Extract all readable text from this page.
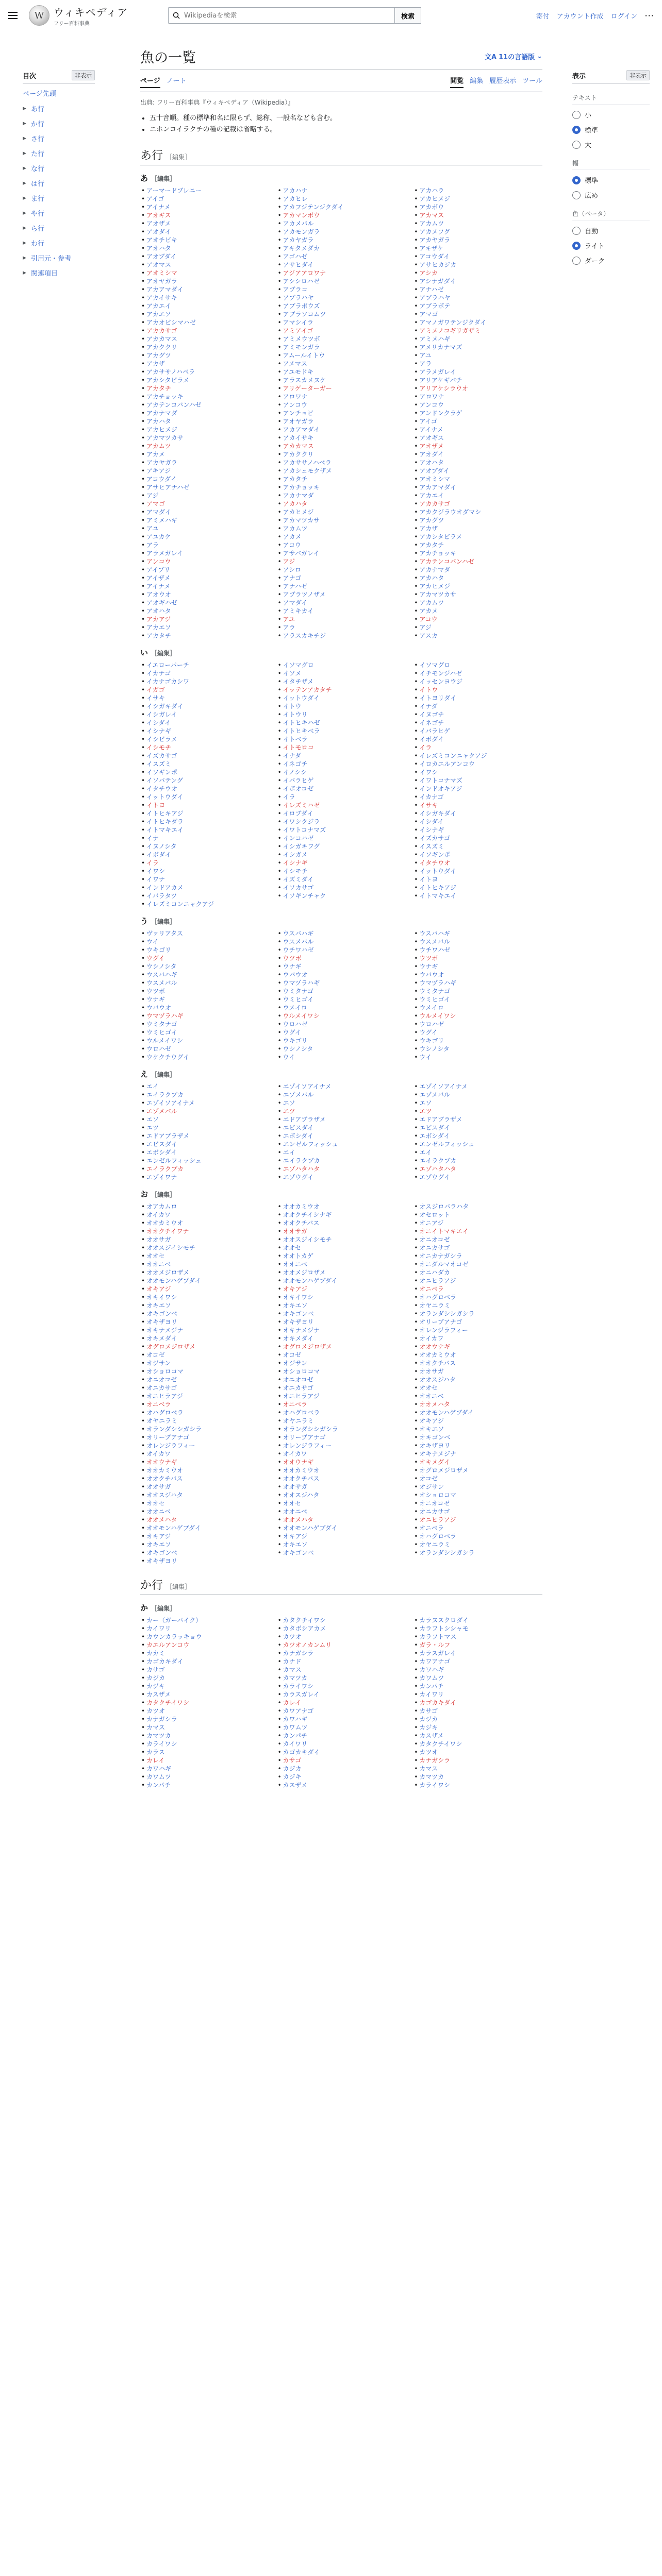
W ウィキペディア
フリー百科事典
Wikipediaを検索
検索	寄付 アカウント作成 ログイン ⋯
目次	非表示
ページ先頭
▶ あ行
▶ か行
▶ さ行
▶ た行
▶ な行
▶ は行
▶ ま行
▶ や行
▶ ら行
▶ わ行
▶ 引用元・参考
▶ 関連項目
魚の一覧	文A 11の言語版 ⌄
ページ ノート	閲覧 編集 履歴表示 ツール
出典: フリー百科事典『ウィキペディア（Wikipedia）』
• 五十音順。種の標準和名に限らず、総称、一般名なども含む。
• ニホンコイラクチの種の記載は省略する。
あ行 ［編集］
あ ［編集］
• アーマードブレニー
• アイゴ
• アイナメ
• アオギス
• アオザメ
• アオダイ
• アオチビキ
• アオハタ
• アオブダイ
• アオマス
• アオミシマ
• アオヤガラ
• アカアマダイ
• アカイサキ
• アカエイ
• アカエソ
• アカオビシマハゼ
• アカカサゴ
• アカカマス
• アカククリ
• アカグツ
• アカザ
• アカササノハベラ
• アカシタビラメ
• アカタチ
• アカチョッキ
• アカテンコバンハゼ
• アカナマダ
• アカハタ
• アカヒメジ
• アカマツカサ
• アカムツ
• アカメ
• アカヤガラ
• アキアジ
• アコウダイ
• アサヒアナハゼ
• アジ
• アマゴ
• アマダイ
• アミメハギ
• アユ
• アユカケ
• アラ
• アラメガレイ
• アンコウ
• アイブリ
• アイザメ
• アイナメ
• アオウオ
• アオギハゼ
• アオハタ
• アカアジ
• アカエソ
• アカタチ
• アカハナ
• アカヒレ
• アカフジテンジクダイ
• アカマンボウ
• アカメバル
• アカモンガラ
• アカヤガラ
• アキタメダカ
• アゴハゼ
• アサヒダイ
• アジアアロワナ
• アシシロハゼ
• アブラコ
• アブラハヤ
• アブラボウズ
• アブラソコムツ
• アマシイラ
• アミアイゴ
• アミメウツボ
• アミモンガラ
• アムールイトウ
• アメマス
• アユモドキ
• アラスカメヌケ
• アリゲーターガー
• アロワナ
• アンコウ
• アンチョビ
• アオヤガラ
• アカアマダイ
• アカイサキ
• アカカマス
• アカククリ
• アカササノハベラ
• アカシュモクザメ
• アカタチ
• アカチョッキ
• アカナマダ
• アカハタ
• アカヒメジ
• アカマツカサ
• アカムツ
• アカメ
• アコウ
• アサバガレイ
• アジ
• アシロ
• アナゴ
• アナハゼ
• アブラツノザメ
• アマダイ
• アミキカイ
• アユ
• アラ
• アラスカキチジ
• アカハラ
• アカヒメジ
• アカボウ
• アカマス
• アカムツ
• アカメフグ
• アカヤガラ
• アキザケ
• アコウダイ
• アサヒカジカ
• アシカ
• アシナガダイ
• アナハゼ
• アブラハヤ
• アブラボテ
• アマゴ
• アマノガワテンジクダイ
• アミメノコギリガザミ
• アミメハギ
• アメリカナマズ
• アユ
• アラ
• アラメガレイ
• アリアケギバチ
• アリアケシラウオ
• アロワナ
• アンコウ
• アンドンクラゲ
• アイゴ
• アイナメ
• アオギス
• アオザメ
• アオダイ
• アオハタ
• アオブダイ
• アオミシマ
• アカアマダイ
• アカエイ
• アカカサゴ
• アカクジラウオダマシ
• アカグツ
• アカザ
• アカシタビラメ
• アカタチ
• アカチョッキ
• アカテンコバンハゼ
• アカナマダ
• アカハタ
• アカヒメジ
• アカマツカサ
• アカムツ
• アカメ
• アコウ
• アジ
• アスカ
い ［編集］
• イエローパーチ
• イカナゴ
• イカナゴカシワ
• イガゴ
• イサキ
• イシガキダイ
• イシガレイ
• イシダイ
• イシナギ
• イシビラメ
• イシモチ
• イズカサゴ
• イスズミ
• イソギンポ
• イソバテング
• イタチウオ
• イットウダイ
• イトヨ
• イトヒキアジ
• イトヒキダラ
• イトマキエイ
• イナ
• イヌノシタ
• イボダイ
• イラ
• イワシ
• イワナ
• インドアカメ
• イバラタツ
• イレズミコンニャクアジ
• イソマグロ
• イソメ
• イタチザメ
• イッテンアカタチ
• イットウダイ
• イトウ
• イトウリ
• イトヒキハゼ
• イトヒキベラ
• イトベラ
• イトモロコ
• イナダ
• イネゴチ
• イノシシ
• イバラヒゲ
• イボオコゼ
• イラ
• イレズミハゼ
• イロブダイ
• イワシクジラ
• イワトコナマズ
• インコハゼ
• イシガキフグ
• イシガメ
• イシナギ
• イシモチ
• イズミダイ
• イソカサゴ
• イソギンチャク
• イソマグロ
• イチモンジハゼ
• イッセンヨウジ
• イトウ
• イトヨリダイ
• イナダ
• イヌゴチ
• イネゴチ
• イバラヒゲ
• イボダイ
• イラ
• イレズミコンニャクアジ
• イロカエルアンコウ
• イワシ
• イワトコナマズ
• インドオキアジ
• イカナゴ
• イサキ
• イシガキダイ
• イシダイ
• イシナギ
• イズカサゴ
• イスズミ
• イソギンポ
• イタチウオ
• イットウダイ
• イトヨ
• イトヒキアジ
• イトマキエイ
う ［編集］
• ヴァリアタス
• ウイ
• ウキゴリ
• ウグイ
• ウシノシタ
• ウスバハギ
• ウスメバル
• ウツボ
• ウナギ
• ウバウオ
• ウマヅラハギ
• ウミタナゴ
• ウミヒゴイ
• ウルメイワシ
• ウロハゼ
• ウケクチウグイ
• ウスバハギ
• ウスメバル
• ウチワハゼ
• ウツボ
• ウナギ
• ウバウオ
• ウマヅラハギ
• ウミタナゴ
• ウミヒゴイ
• ウメイロ
• ウルメイワシ
• ウロハゼ
• ウグイ
• ウキゴリ
• ウシノシタ
• ウイ
• ウスバハギ
• ウスメバル
• ウチワハゼ
• ウツボ
• ウナギ
• ウバウオ
• ウマヅラハギ
• ウミタナゴ
• ウミヒゴイ
• ウメイロ
• ウルメイワシ
• ウロハゼ
• ウグイ
• ウキゴリ
• ウシノシタ
• ウイ
え ［編集］
• エイ
• エイラクブカ
• エゾイソアイナメ
• エゾメバル
• エソ
• エツ
• エドアブラザメ
• エビスダイ
• エボシダイ
• エンゼルフィッシュ
• エイラクブカ
• エゾイワナ
• エゾイソアイナメ
• エゾメバル
• エソ
• エツ
• エドアブラザメ
• エビスダイ
• エボシダイ
• エンゼルフィッシュ
• エイ
• エイラクブカ
• エゾハタハタ
• エゾウグイ
• エゾイソアイナメ
• エゾメバル
• エソ
• エツ
• エドアブラザメ
• エビスダイ
• エボシダイ
• エンゼルフィッシュ
• エイ
• エイラクブカ
• エゾハタハタ
• エゾウグイ
お ［編集］
• オアカムロ
• オイカワ
• オオカミウオ
• オオクチイワナ
• オオサガ
• オオスジイシモチ
• オオセ
• オオニベ
• オオメジロザメ
• オオモンハゲブダイ
• オキアジ
• オキイワシ
• オキエソ
• オキゴンベ
• オキザヨリ
• オキナメジナ
• オキメダイ
• オグロメジロザメ
• オコゼ
• オジサン
• オショロコマ
• オニオコゼ
• オニカサゴ
• オニヒラアジ
• オニベラ
• オハグロベラ
• オヤニラミ
• オランダシシガシラ
• オリーブアナゴ
• オレンジラフィー
• オイカワ
• オオウナギ
• オオカミウオ
• オオクチバス
• オオサガ
• オオスジハタ
• オオセ
• オオニベ
• オオメハタ
• オオモンハゲブダイ
• オキアジ
• オキエソ
• オキゴンベ
• オキザヨリ
• オオカミウオ
• オオクチイシナギ
• オオクチバス
• オオサガ
• オオスジイシモチ
• オオセ
• オオトカゲ
• オオニベ
• オオメジロザメ
• オオモンハゲブダイ
• オキアジ
• オキイワシ
• オキエソ
• オキゴンベ
• オキザヨリ
• オキナメジナ
• オキメダイ
• オグロメジロザメ
• オコゼ
• オジサン
• オショロコマ
• オニオコゼ
• オニカサゴ
• オニヒラアジ
• オニベラ
• オハグロベラ
• オヤニラミ
• オランダシシガシラ
• オリーブアナゴ
• オレンジラフィー
• オイカワ
• オオウナギ
• オオカミウオ
• オオクチバス
• オオサガ
• オオスジハタ
• オオセ
• オオニベ
• オオメハタ
• オオモンハゲブダイ
• オキアジ
• オキエソ
• オキゴンベ
• オスジロバラハタ
• オセロット
• オニアジ
• オニイトマキエイ
• オニオコゼ
• オニカサゴ
• オニカナガシラ
• オニダルマオコゼ
• オニハダカ
• オニヒラアジ
• オニベラ
• オハグロベラ
• オヤニラミ
• オランダシシガシラ
• オリーブアナゴ
• オレンジラフィー
• オイカワ
• オオウナギ
• オオカミウオ
• オオクチバス
• オオサガ
• オオスジハタ
• オオセ
• オオニベ
• オオメハタ
• オオモンハゲブダイ
• オキアジ
• オキエソ
• オキゴンベ
• オキザヨリ
• オキナメジナ
• オキメダイ
• オグロメジロザメ
• オコゼ
• オジサン
• オショロコマ
• オニオコゼ
• オニカサゴ
• オニヒラアジ
• オニベラ
• オハグロベラ
• オヤニラミ
• オランダシシガシラ
か行 ［編集］
か ［編集］
• カー（ガーパイク）
• カイワリ
• カウンカラッキョウ
• カエルアンコウ
• カカミ
• カゴカキダイ
• カサゴ
• カジカ
• カジキ
• カスザメ
• カタクチイワシ
• カツオ
• カナガシラ
• カマス
• カマツカ
• カライワシ
• カラス
• カレイ
• カワハギ
• カワムツ
• カンパチ
• カタクチイワシ
• カタボシアカメ
• カツオ
• カツオノカンムリ
• カナガシラ
• カナド
• カマス
• カマツカ
• カライワシ
• カラスガレイ
• カレイ
• カワアナゴ
• カワハギ
• カワムツ
• カンパチ
• カイワリ
• カゴカキダイ
• カサゴ
• カジカ
• カジキ
• カスザメ
• カラヌスクロダイ
• カラフトシシャモ
• カラフトマス
• ガラ・ルフ
• カラスガレイ
• カワアナゴ
• カワハギ
• カワムツ
• カンパチ
• カイワリ
• カゴカキダイ
• カサゴ
• カジカ
• カジキ
• カスザメ
• カタクチイワシ
• カツオ
• カナガシラ
• カマス
• カマツカ
• カライワシ
表示	非表示
テキスト
小
標準
大
幅
標準
広め
色（ベータ）
自動
ライト
ダーク
